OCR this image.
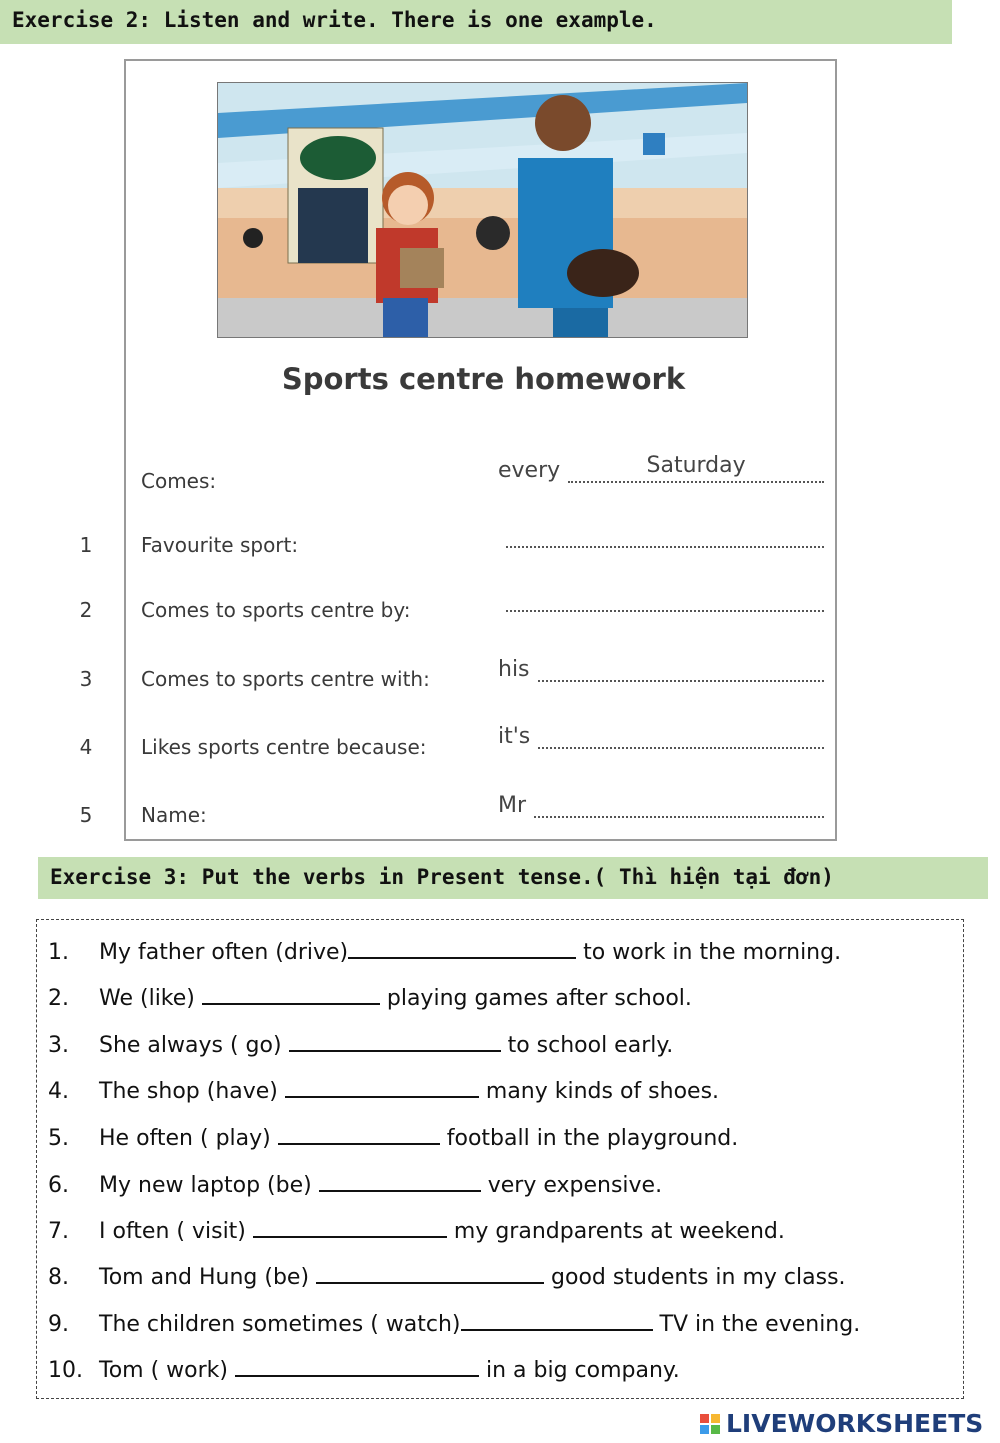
Exercise 2: Listen and write. There is one example.
Sports centre homework
Comes:	every	Saturday
1	Favourite sport:
2	Comes to sports centre by:
3	Comes to sports centre with:	his
4	Likes sports centre because:	it's
5	Name:	Mr
Exercise 3: Put the verbs in Present tense.( Thì hiện tại đơn)
1. My father often (drive)	to work in the morning.
2. We (like)	playing games after school.
3. She always ( go)	to school early.
4. The shop (have)	many kinds of shoes.
5. He often ( play)	football in the playground.
6. My new laptop (be)	very expensive.
7. I often ( visit)	my grandparents at weekend.
8. Tom and Hung (be)	good students in my class.
9. The children sometimes ( watch)	TV in the evening.
10. Tom ( work)	in a big company.
LIVEWORKSHEETS
